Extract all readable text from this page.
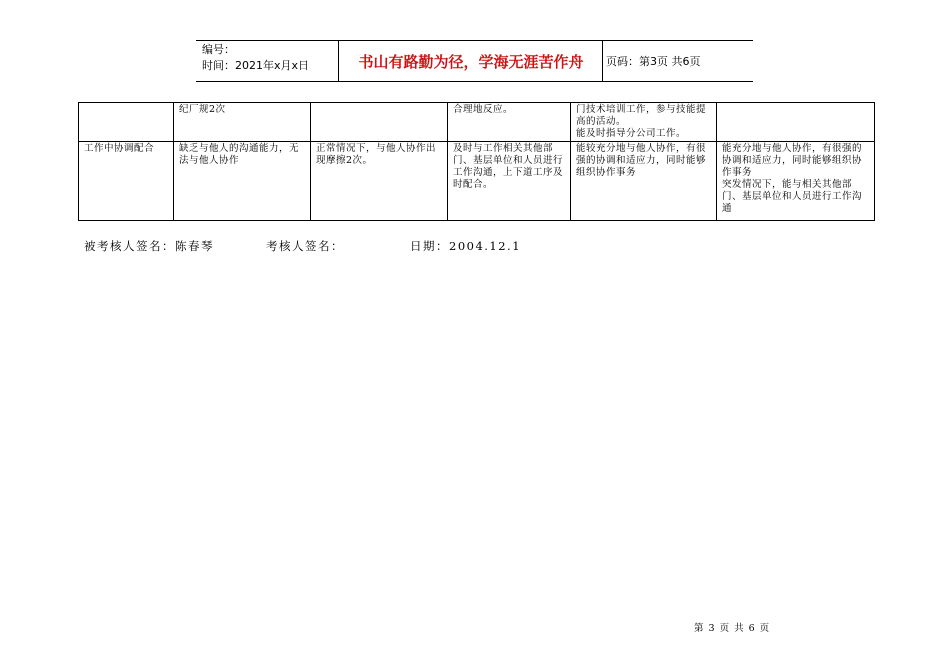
编号：
时间：2021年x月x日	书山有路勤为径，学海无涯苦作舟	页码：第3页 共6页
	纪厂规2次		合理地反应。	门技术培训工作，参与技能提高的活动。
能及时指导分公司工作。	
工作中协调配合	缺乏与他人的沟通能力，无法与他人协作	正常情况下，与他人协作出现摩擦2次。	及时与工作相关其他部门、基层单位和人员进行工作沟通，上下道工序及时配合。	能较充分地与他人协作，有很强的协调和适应力，同时能够组织协作事务	能充分地与他人协作，有很强的协调和适应力，同时能够组织协作事务
突发情况下，能与相关其他部门、基层单位和人员进行工作沟通
被考核人签名：陈春琴	考核人签名：	日期：2004.12.1
第 3 页 共 6 页
